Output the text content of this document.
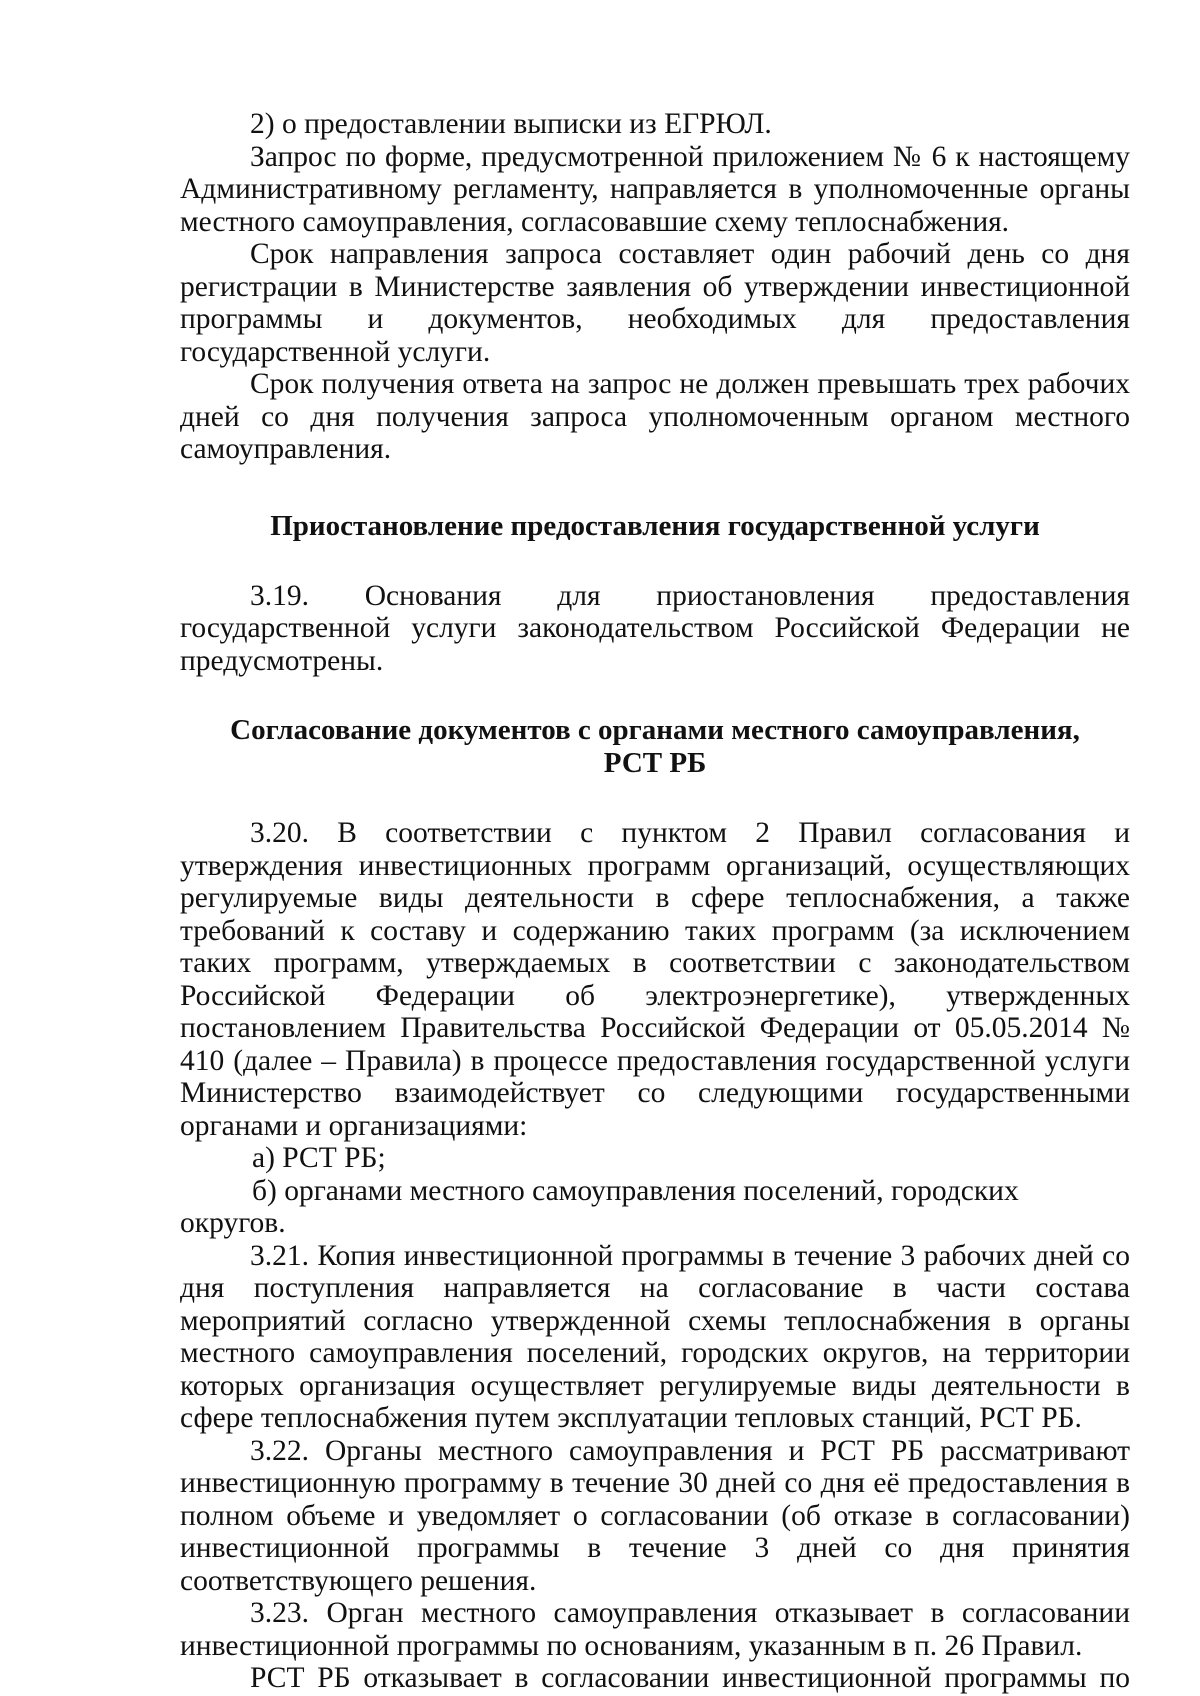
2) о предоставлении выписки из ЕГРЮЛ.

Запрос по форме, предусмотренной приложением № 6 к настоящему Административному регламенту, направляется в уполномоченные органы местного самоуправления, согласовавшие схему теплоснабжения.

Срок направления запроса составляет один рабочий день со дня регистрации в Министерстве заявления об утверждении инвестиционной программы и документов, необходимых для предоставления государственной услуги.

Срок получения ответа на запрос не должен превышать трех рабочих дней со дня получения запроса уполномоченным органом местного самоуправления.

Приостановление предоставления государственной услуги

3.19. Основания для приостановления предоставления государственной услуги законодательством Российской Федерации не предусмотрены.

Согласование документов с органами местного самоуправления,
РСТ РБ

3.20. В соответствии с пунктом 2 Правил согласования и утверждения инвестиционных программ организаций, осуществляющих регулируемые виды деятельности в сфере теплоснабжения, а также требований к составу и содержанию таких программ (за исключением таких программ, утверждаемых в соответствии с законодательством Российской Федерации об электроэнергетике), утвержденных постановлением Правительства Российской Федерации от 05.05.2014 № 410 (далее – Правила) в процессе предоставления государственной услуги Министерство взаимодействует со следующими государственными органами и организациями:

а) РСТ РБ;

б) органами местного самоуправления поселений, городских округов.

3.21. Копия инвестиционной программы в течение 3 рабочих дней со дня поступления направляется на согласование в части состава мероприятий согласно утвержденной схемы теплоснабжения в органы местного самоуправления поселений, городских округов, на территории которых организация осуществляет регулируемые виды деятельности в сфере теплоснабжения путем эксплуатации тепловых станций, РСТ РБ.

3.22. Органы местного самоуправления и РСТ РБ рассматривают инвестиционную программу в течение 30 дней со дня её предоставления в полном объеме и уведомляет о согласовании (об отказе в согласовании) инвестиционной программы в течение 3 дней со дня принятия соответствующего решения.

3.23. Орган местного самоуправления отказывает в согласовании инвестиционной программы по основаниям, указанным в п. 26 Правил.

РСТ РБ отказывает в согласовании инвестиционной программы по
